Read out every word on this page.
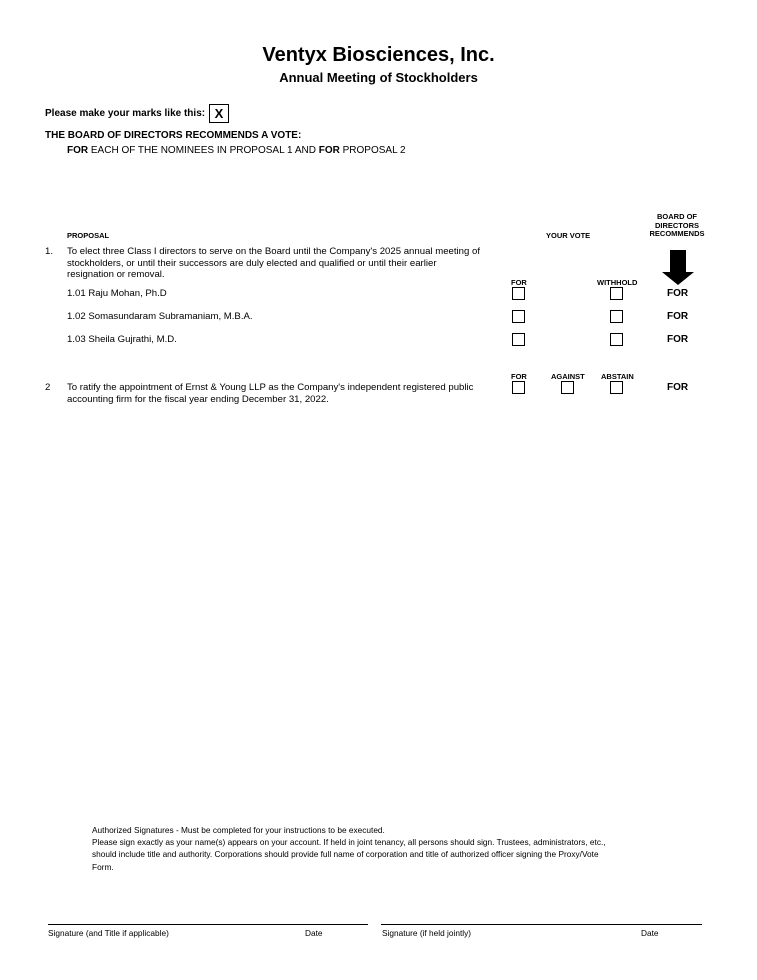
Ventyx Biosciences, Inc.
Annual Meeting of Stockholders
Please make your marks like this: X
THE BOARD OF DIRECTORS RECOMMENDS A VOTE:
FOR EACH OF THE NOMINEES IN PROPOSAL 1 AND FOR PROPOSAL 2
PROPOSAL	YOUR VOTE
BOARD OF
DIRECTORS
RECOMMENDS
1. To elect three Class I directors to serve on the Board until the Company's 2025 annual meeting of
stockholders, or until their successors are duly elected and qualified or until their earlier
resignation or removal.
FOR	WITHHOLD
1.01 Raju Mohan, Ph.D	FOR
1.02 Somasundaram Subramaniam, M.B.A.	FOR
1.03 Sheila Gujrathi, M.D.	FOR
FOR	AGAINST ABSTAIN
2 To ratify the appointment of Ernst & Young LLP as the Company's independent registered public
accounting firm for the fiscal year ending December 31, 2022.
FOR
Authorized Signatures - Must be completed for your instructions to be executed.
Please sign exactly as your name(s) appears on your account. If held in joint tenancy, all persons should sign. Trustees, administrators, etc.,
should include title and authority. Corporations should provide full name of corporation and title of authorized officer signing the Proxy/Vote
Form.
Signature (and Title if applicable)	Date	Signature (if held jointly)	Date
